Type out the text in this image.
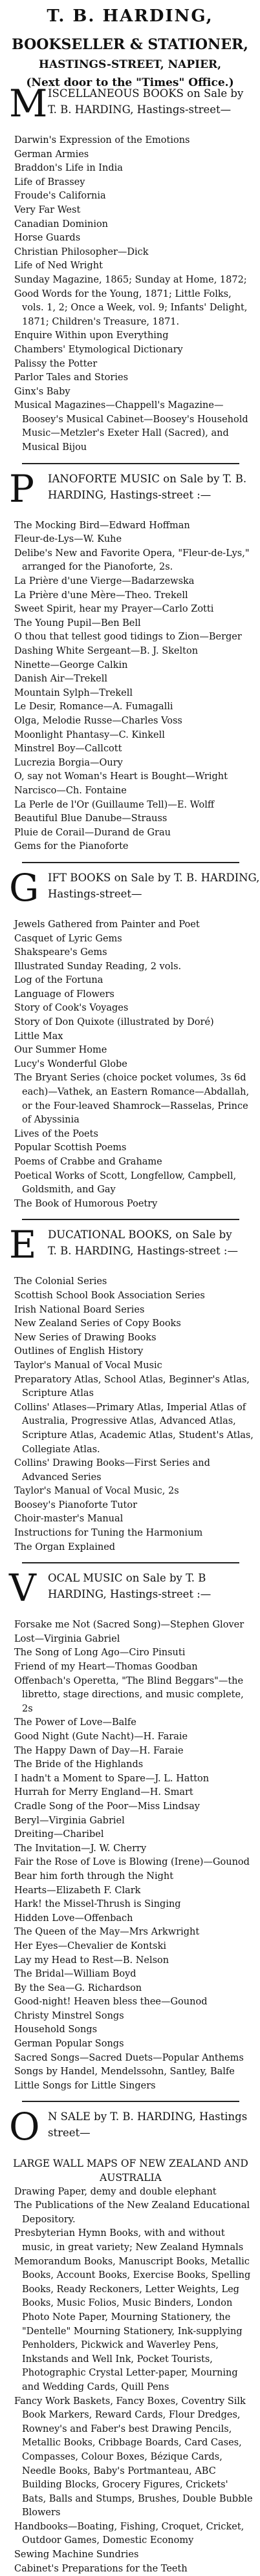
T. B. HARDING,
BOOKSELLER & STATIONER,
HASTINGS-STREET, NAPIER,
(Next door to the "Times" Office.)

M ISCELLANEOUS BOOKS on Sale by
T. B. HARDING, Hastings-street—

Darwin's Expression of the Emotions

German Armies

Braddon's Life in India

Life of Brassey

Froude's California

Very Far West

Canadian Dominion

Horse Guards

Christian Philosopher—Dick

Life of Ned Wright

Sunday Magazine, 1865; Sunday at Home, 1872;

Good Words for the Young, 1871; Little Folks, vols. 1, 2; Once a Week, vol. 9; Infants' Delight, 1871; Children's Treasure, 1871.

Enquire Within upon Everything

Chambers' Etymological Dictionary

Palissy the Potter

Parlor Tales and Stories

Ginx's Baby

Musical Magazines—Chappell's Magazine—Boosey's Musical Cabinet—Boosey's Household Music—Metzler's Exeter Hall (Sacred), and Musical Bijou

P IANOFORTE MUSIC on Sale by T. B.
HARDING, Hastings-street :—

The Mocking Bird—Edward Hoffman

Fleur-de-Lys—W. Kuhe

Delibe's New and Favorite Opera, "Fleur-de-Lys," arranged for the Pianoforte, 2s.

La Prière d'une Vierge—Badarzewska

La Prière d'une Mère—Theo. Trekell

Sweet Spirit, hear my Prayer—Carlo Zotti

The Young Pupil—Ben Bell

O thou that tellest good tidings to Zion—Berger

Dashing White Sergeant—B. J. Skelton

Ninette—George Calkin

Danish Air—Trekell

Mountain Sylph—Trekell

Le Desir, Romance—A. Fumagalli

Olga, Melodie Russe—Charles Voss

Moonlight Phantasy—C. Kinkell

Minstrel Boy—Callcott

Lucrezia Borgia—Oury

O, say not Woman's Heart is Bought—Wright

Narcisco—Ch. Fontaine

La Perle de l'Or (Guillaume Tell)—E. Wolff

Beautiful Blue Danube—Strauss

Pluie de Corail—Durand de Grau

Gems for the Pianoforte

G IFT BOOKS on Sale by T. B. HARDING,
Hastings-street—

Jewels Gathered from Painter and Poet

Casquet of Lyric Gems

Shakspeare's Gems

Illustrated Sunday Reading, 2 vols.

Log of the Fortuna

Language of Flowers

Story of Cook's Voyages

Story of Don Quixote (illustrated by Doré)

Little Max

Our Summer Home

Lucy's Wonderful Globe

The Bryant Series (choice pocket volumes, 3s 6d each)—Vathek, an Eastern Romance—Abdallah, or the Four-leaved Shamrock—Rasselas, Prince of Abyssinia

Lives of the Poets

Popular Scottish Poems

Poems of Crabbe and Grahame

Poetical Works of Scott, Longfellow, Campbell, Goldsmith, and Gay

The Book of Humorous Poetry

E DUCATIONAL BOOKS, on Sale by
T. B. HARDING, Hastings-street :—

The Colonial Series

Scottish School Book Association Series

Irish National Board Series

New Zealand Series of Copy Books

New Series of Drawing Books

Outlines of English History

Taylor's Manual of Vocal Music

Preparatory Atlas, School Atlas, Beginner's Atlas, Scripture Atlas

Collins' Atlases—Primary Atlas, Imperial Atlas of Australia, Progressive Atlas, Advanced Atlas, Scripture Atlas, Academic Atlas, Student's Atlas, Collegiate Atlas.

Collins' Drawing Books—First Series and Advanced Series

Taylor's Manual of Vocal Music, 2s

Boosey's Pianoforte Tutor

Choir-master's Manual

Instructions for Tuning the Harmonium

The Organ Explained

V OCAL MUSIC on Sale by T. B
HARDING, Hastings-street :—

Forsake me Not (Sacred Song)—Stephen Glover

Lost—Virginia Gabriel

The Song of Long Ago—Ciro Pinsuti

Friend of my Heart—Thomas Goodban

Offenbach's Operetta, "The Blind Beggars"—the libretto, stage directions, and music complete, 2s

The Power of Love—Balfe

Good Night (Gute Nacht)—H. Faraie

The Happy Dawn of Day—H. Faraie

The Bride of the Highlands

I hadn't a Moment to Spare—J. L. Hatton

Hurrah for Merry England—H. Smart

Cradle Song of the Poor—Miss Lindsay

Beryl—Virginia Gabriel

Dreiting—Charibel

The Invitation—J. W. Cherry

Fair the Rose of Love is Blowing (Irene)—Gounod

Bear him forth through the Night

Hearts—Elizabeth F. Clark

Hark! the Missel-Thrush is Singing

Hidden Love—Offenbach

The Queen of the May—Mrs Arkwright

Her Eyes—Chevalier de Kontski

Lay my Head to Rest—B. Nelson

The Bridal—William Boyd

By the Sea—G. Richardson

Good-night! Heaven bless thee—Gounod

Christy Minstrel Songs

Household Songs

German Popular Songs

Sacred Songs—Sacred Duets—Popular Anthems

Songs by Handel, Mendelssohn, Santley, Balfe

Little Songs for Little Singers

O N SALE by T. B. HARDING, Hastings
street—

LARGE WALL MAPS OF NEW ZEALAND AND AUSTRALIA

Drawing Paper, demy and double elephant

The Publications of the New Zealand Educational Depository.

Presbyterian Hymn Books, with and without music, in great variety; New Zealand Hymnals

Memorandum Books, Manuscript Books, Metallic Books, Account Books, Exercise Books, Spelling Books, Ready Reckoners, Letter Weights, Leg Books, Music Folios, Music Binders, London Photo Note Paper, Mourning Stationery, the "Dentelle" Mourning Stationery, Ink-supplying Penholders, Pickwick and Waverley Pens, Inkstands and Well Ink, Pocket Tourists, Photographic Crystal Letter-paper, Mourning and Wedding Cards, Quill Pens

Fancy Work Baskets, Fancy Boxes, Coventry Silk Book Markers, Reward Cards, Flour Dredges, Rowney's and Faber's best Drawing Pencils, Metallic Books, Cribbage Boards, Card Cases, Compasses, Colour Boxes, Bézique Cards, Needle Books, Baby's Portmanteau, ABC Building Blocks, Grocery Figures, Crickets' Bats, Balls and Stumps, Brushes, Double Bubble Blowers

Handbooks—Boating, Fishing, Croquet, Cricket, Outdoor Games, Domestic Economy

Sewing Machine Sundries

Cabinet's Preparations for the Teeth
